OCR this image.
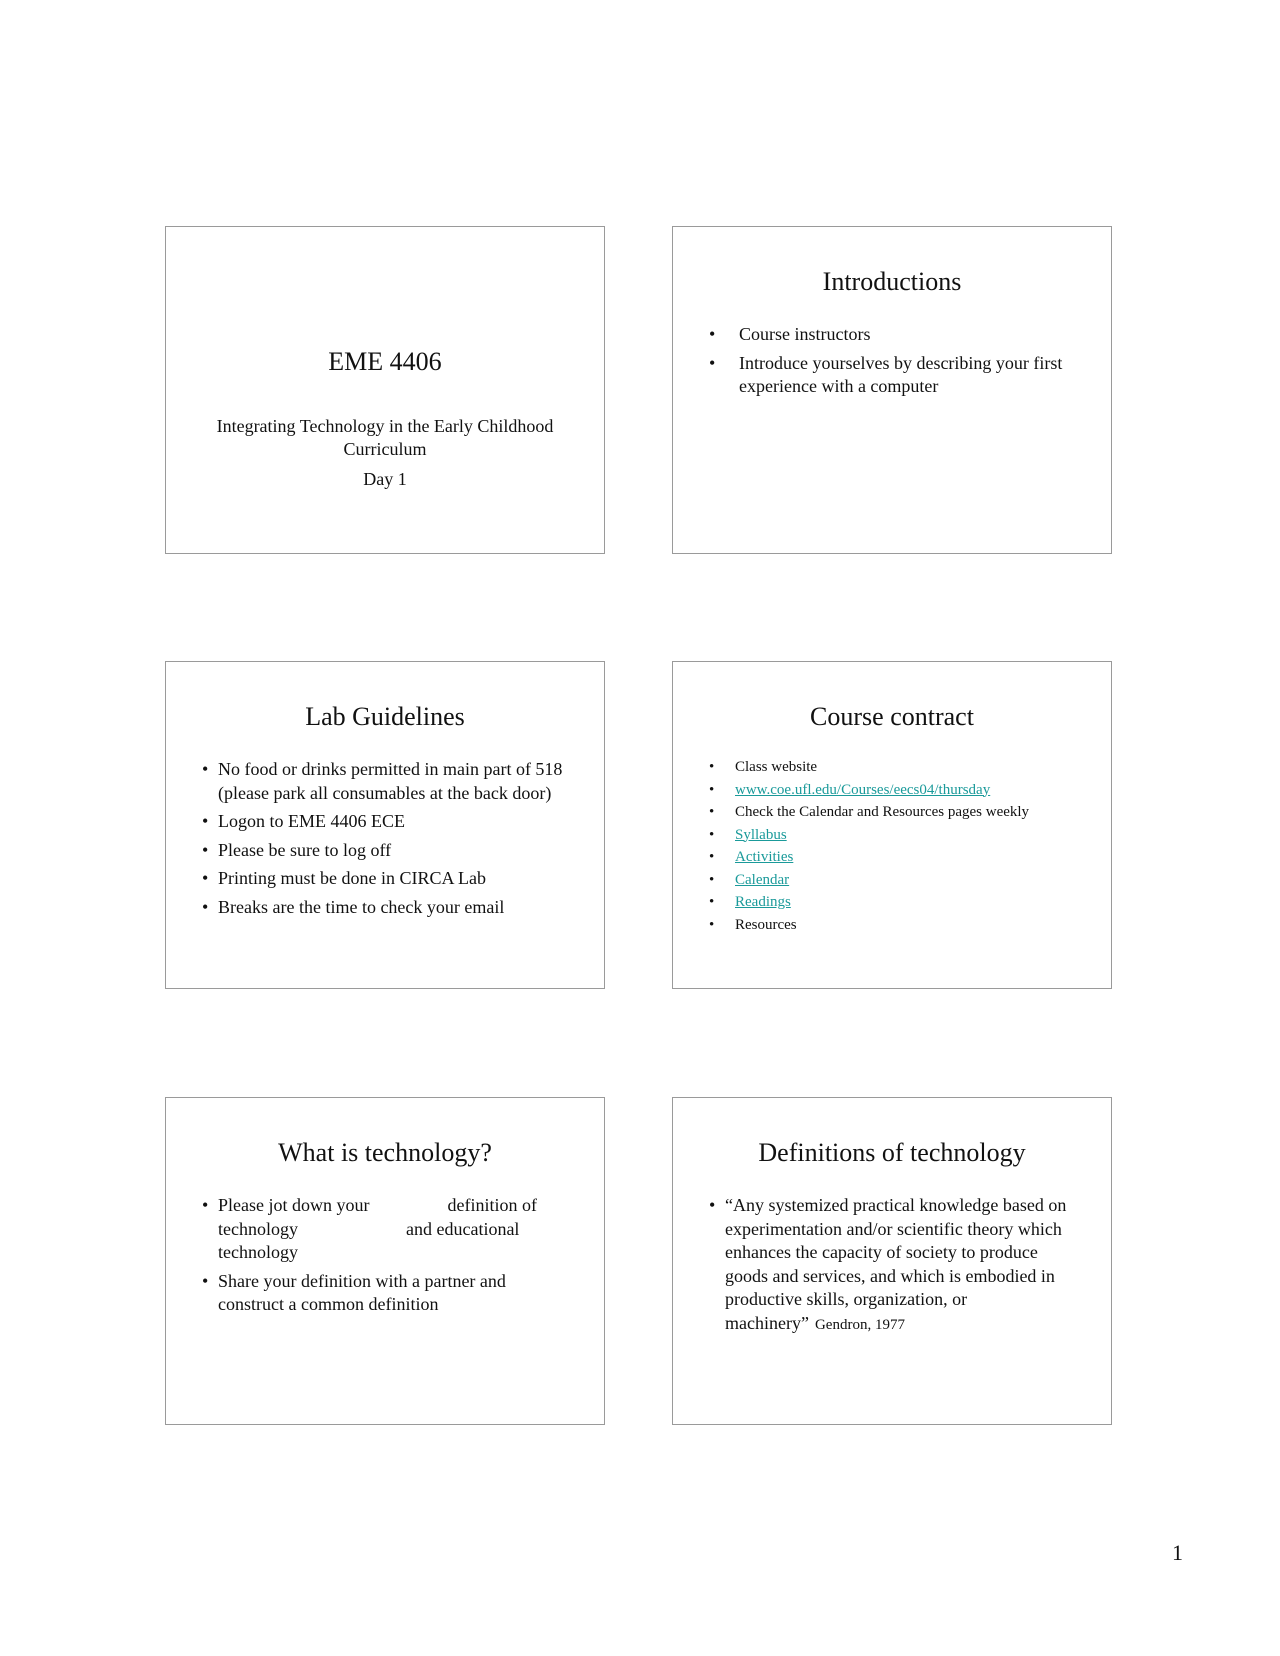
EME 4406
Integrating Technology in the Early Childhood Curriculum
Day 1
Introductions
• Course instructors
• Introduce yourselves by describing your first experience with a computer
Lab Guidelines
• No food or drinks permitted in main part of 518 (please park all consumables at the back door)
• Logon to EME 4406 ECE
• Please be sure to log off
• Printing must be done in CIRCA Lab
• Breaks are the time to check your email
Course contract
• Class website
• www.coe.ufl.edu/Courses/eecs04/thursday
• Check the Calendar and Resources pages weekly
• Syllabus
• Activities
• Calendar
• Readings
• Resources
What is technology?
• Please jot down your	definition of technology	and educational technology
• Share your definition with a partner and construct a common definition
Definitions of technology
• “Any systemized practical knowledge based on experimentation and/or scientific theory which enhances the capacity of society to produce goods and services, and which is embodied in productive skills, organization, or machinery” Gendron, 1977
1
